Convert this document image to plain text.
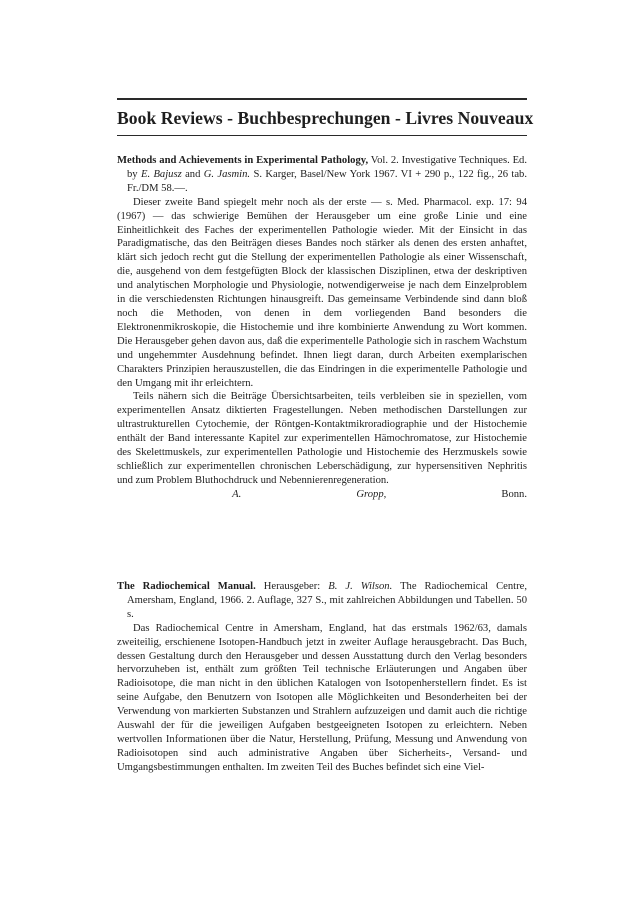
Book Reviews - Buchbesprechungen - Livres Nouveaux

Methods and Achievements in Experimental Pathology, Vol. 2. Investigative Techniques. Ed. by E. Bajusz and G. Jasmin. S. Karger, Basel/New York 1967. VI + 290 p., 122 fig., 26 tab. Fr./DM 58.—.

Dieser zweite Band spiegelt mehr noch als der erste — s. Med. Pharmacol. exp. 17: 94 (1967) — das schwierige Bemühen der Herausgeber um eine große Linie und eine Einheitlichkeit des Faches der experimentellen Pathologie wieder. Mit der Einsicht in das Paradigmatische, das den Beiträgen dieses Bandes noch stärker als denen des ersten anhaftet, klärt sich jedoch recht gut die Stellung der experimentellen Pathologie als einer Wissenschaft, die, ausgehend von dem festgefügten Block der klassischen Disziplinen, etwa der deskriptiven und analytischen Morphologie und Physiologie, notwendigerweise je nach dem Einzelproblem in die verschiedensten Richtungen hinausgreift. Das gemeinsame Verbindende sind dann bloß noch die Methoden, von denen in dem vorliegenden Band besonders die Elektronenmikroskopie, die Histochemie und ihre kombinierte Anwendung zu Wort kommen. Die Herausgeber gehen davon aus, daß die experimentelle Pathologie sich in raschem Wachstum und ungehemmter Ausdehnung befindet. Ihnen liegt daran, durch Arbeiten exemplarischen Charakters Prinzipien herauszustellen, die das Eindringen in die experimentelle Pathologie und den Umgang mit ihr erleichtern.

Teils nähern sich die Beiträge Übersichtsarbeiten, teils verbleiben sie in speziellen, vom experimentellen Ansatz diktierten Fragestellungen. Neben methodischen Darstellungen zur ultrastrukturellen Cytochemie, der Röntgen-Kontaktmikroradiographie und der Histochemie enthält der Band interessante Kapitel zur experimentellen Hämochromatose, zur Histochemie des Skelettmuskels, zur experimentellen Pathologie und Histochemie des Herzmuskels sowie schließlich zur experimentellen chronischen Leberschädigung, zur hypersensitiven Nephritis und zum Problem Bluthochdruck und Nebennierenregeneration.

A. Gropp, Bonn.

The Radiochemical Manual. Herausgeber: B. J. Wilson. The Radiochemical Centre, Amersham, England, 1966. 2. Auflage, 327 S., mit zahlreichen Abbildungen und Tabellen. 50 s.

Das Radiochemical Centre in Amersham, England, hat das erstmals 1962/63, damals zweiteilig, erschienene Isotopen-Handbuch jetzt in zweiter Auflage herausgebracht. Das Buch, dessen Gestaltung durch den Herausgeber und dessen Ausstattung durch den Verlag besonders hervorzuheben ist, enthält zum größten Teil technische Erläuterungen und Angaben über Radioisotope, die man nicht in den üblichen Katalogen von Isotopenherstellern findet. Es ist seine Aufgabe, den Benutzern von Isotopen alle Möglichkeiten und Besonderheiten bei der Verwendung von markierten Substanzen und Strahlern aufzuzeigen und damit auch die richtige Auswahl der für die jeweiligen Aufgaben bestgeeigneten Isotopen zu erleichtern. Neben wertvollen Informationen über die Natur, Herstellung, Prüfung, Messung und Anwendung von Radioisotopen sind auch administrative Angaben über Sicherheits-, Versand- und Umgangsbestimmungen enthalten. Im zweiten Teil des Buches befindet sich eine Viel-
